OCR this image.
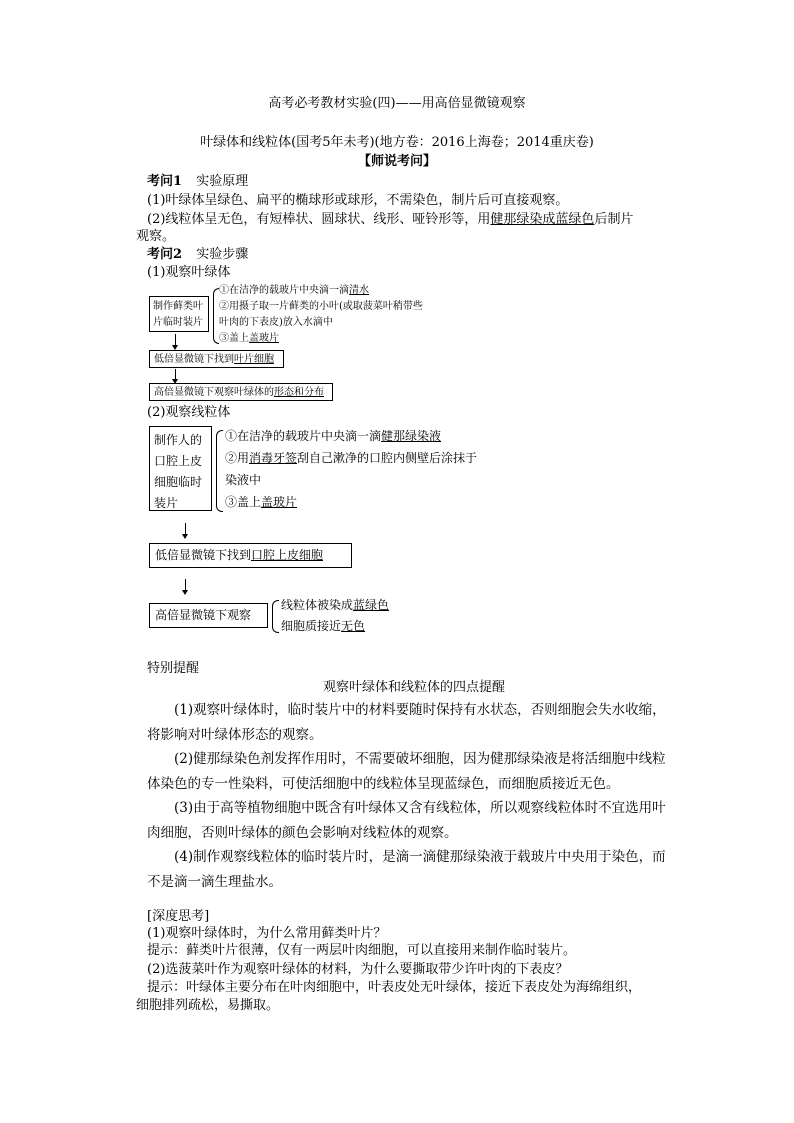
高考必考教材实验(四)——用高倍显微镜观察
叶绿体和线粒体(国考5年未考)(地方卷：2016上海卷；2014重庆卷)
【师说考问】
考问1 实验原理
(1)叶绿体呈绿色、扁平的椭球形或球形，不需染色，制片后可直接观察。
(2)线粒体呈无色，有短棒状、圆球状、线形、哑铃形等，用健那绿染成蓝绿色后制片
观察。
考问2 实验步骤
(1)观察叶绿体
制作藓类叶
片临时装片
①在洁净的载玻片中央滴一滴清水
②用摄子取一片藓类的小叶(或取菠菜叶稍带些
叶肉的下表皮)放入水滴中
③盖上盖玻片
低倍显微镜下找到叶片细胞
高倍显微镜下观察叶绿体的形态和分布
(2)观察线粒体
制作人的
口腔上皮
细胞临时
装片
①在洁净的载玻片中央滴一滴健那绿染液
②用消毒牙签刮自己漱净的口腔内侧壁后涂抹于
染液中
③盖上盖玻片
低倍显微镜下找到口腔上皮细胞
高倍显微镜下观察
线粒体被染成蓝绿色
细胞质接近无色
特别提醒
观察叶绿体和线粒体的四点提醒
(1)观察叶绿体时，临时装片中的材料要随时保持有水状态，否则细胞会失水收缩，将影响对叶绿体形态的观察。
(2)健那绿染色剂发挥作用时，不需要破坏细胞，因为健那绿染液是将活细胞中线粒体染色的专一性染料，可使活细胞中的线粒体呈现蓝绿色，而细胞质接近无色。
(3)由于高等植物细胞中既含有叶绿体又含有线粒体，所以观察线粒体时不宜选用叶肉细胞，否则叶绿体的颜色会影响对线粒体的观察。
(4)制作观察线粒体的临时装片时，是滴一滴健那绿染液于载玻片中央用于染色，而不是滴一滴生理盐水。
[深度思考]
(1)观察叶绿体时，为什么常用藓类叶片？
提示：藓类叶片很薄，仅有一两层叶肉细胞，可以直接用来制作临时装片。
(2)选菠菜叶作为观察叶绿体的材料，为什么要撕取带少许叶肉的下表皮？
提示：叶绿体主要分布在叶肉细胞中，叶表皮处无叶绿体，接近下表皮处为海绵组织，
细胞排列疏松，易撕取。
